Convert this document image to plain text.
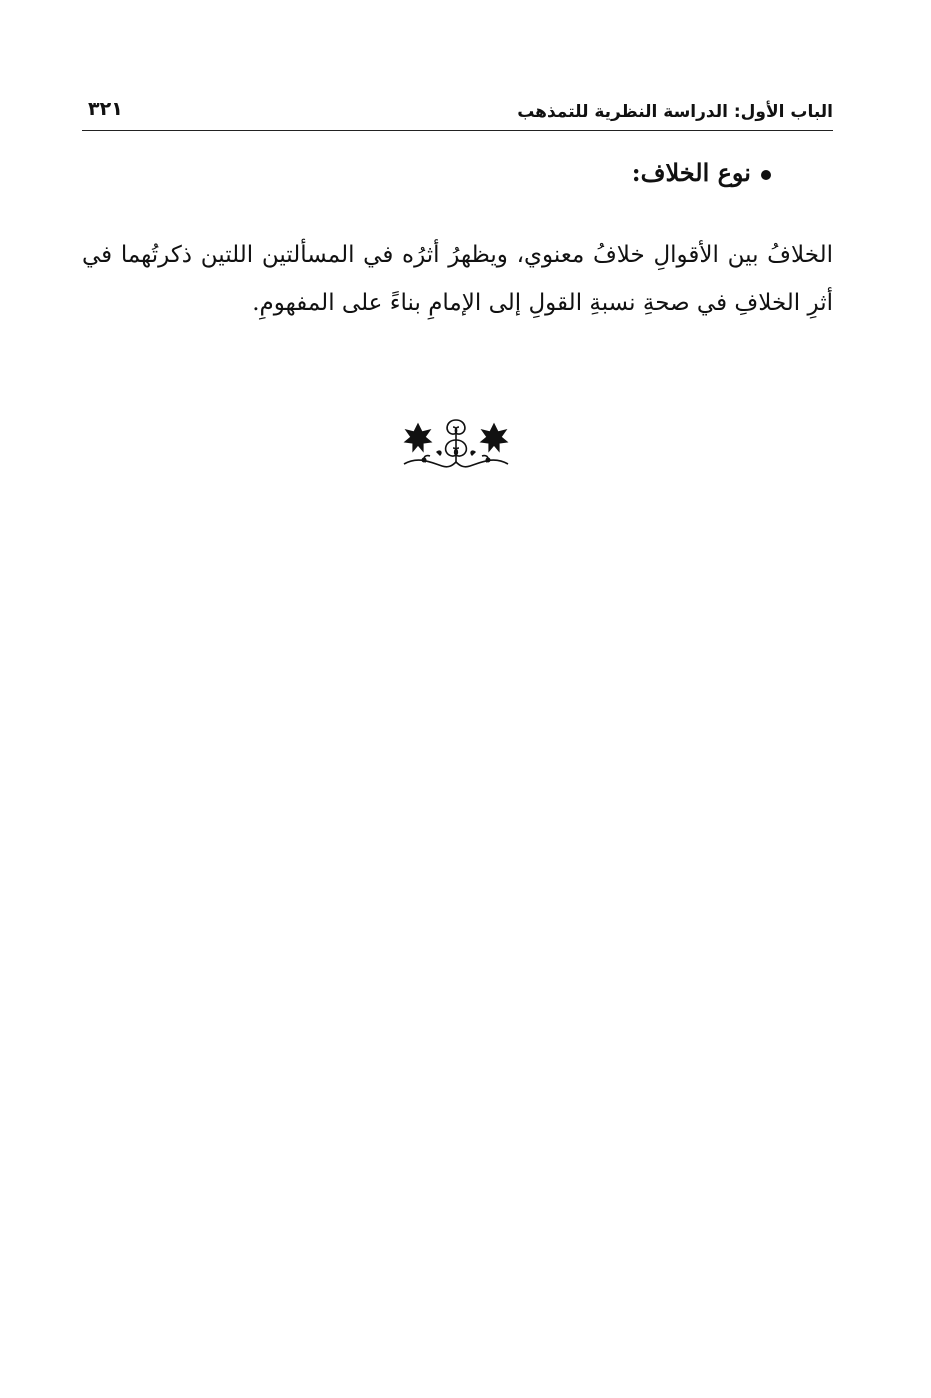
الباب الأول: الدراسة النظرية للتمذهب
٣٢١
نوع الخلاف:

الخلافُ بين الأقوالِ خلافُ معنوي، ويظهرُ أثرُه في المسألتين اللتين ذكرتُهما في أثرِ الخلافِ في صحةِ نسبةِ القولِ إلى الإمامِ بناءً على المفهومِ.
